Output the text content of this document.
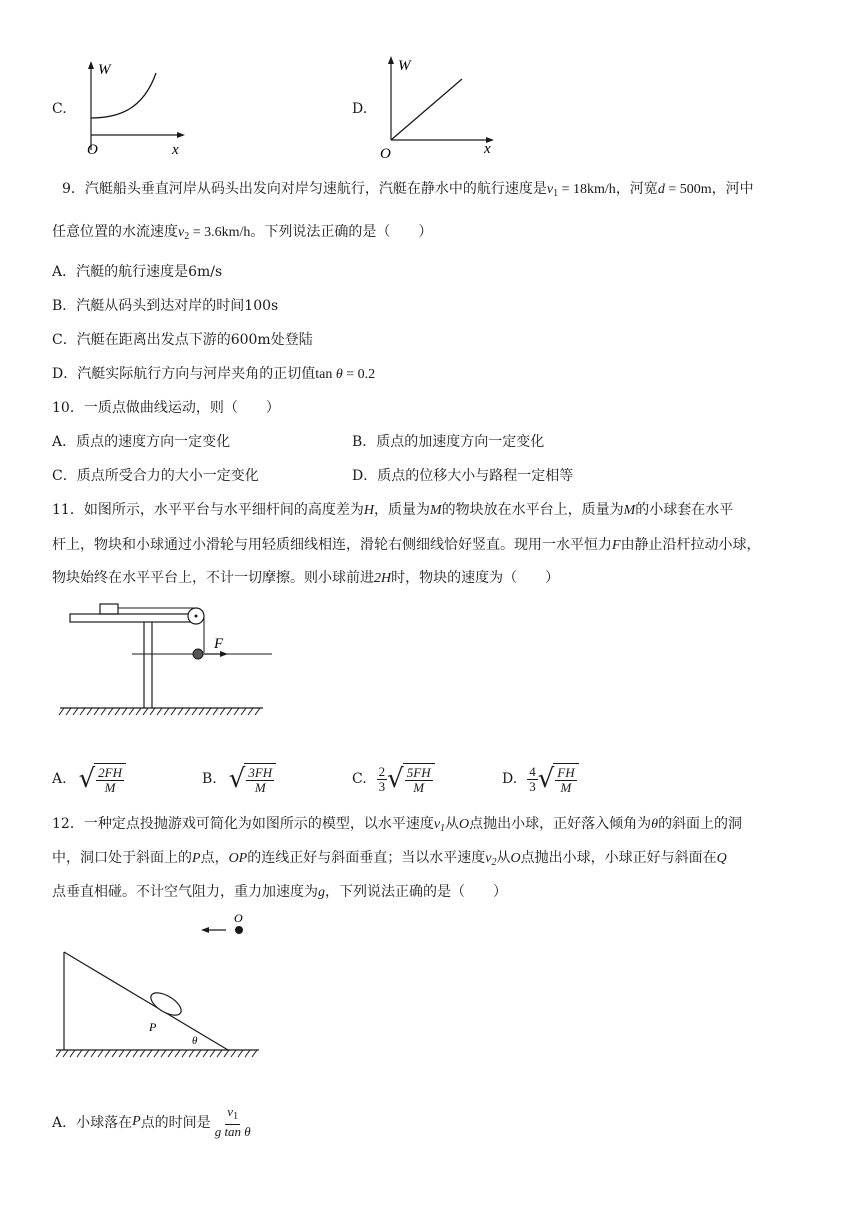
C.
W
O	x
D.
W
O	x
9．汽艇船头垂直河岸从码头出发向对岸匀速航行，汽艇在静水中的航行速度是$v_1 = 18km/h$，河宽d = 500m，河中
任意位置的水流速度$v_2 = 3.6km/h$。下列说法正确的是（　　）
A．汽艇的航行速度是6m/s
B．汽艇从码头到达对岸的时间100s
C．汽艇在距离出发点下游的600m处登陆
D．汽艇实际航行方向与河岸夹角的正切值tan θ = 0.2
10．一质点做曲线运动，则（　　）
A．质点的速度方向一定变化	B．质点的加速度方向一定变化
C．质点所受合力的大小一定变化	D．质点的位移大小与路程一定相等
11．如图所示，水平平台与水平细杆间的高度差为H，质量为M的物块放在水平台上，质量为M的小球套在水平
杆上，物块和小球通过小滑轮与用轻质细线相连，滑轮右侧细线恰好竖直。现用一水平恒力F由静止沿杆拉动小球，
物块始终在水平平台上，不计一切摩擦。则小球前进2H时，物块的速度为（　　）
F
A. √ $\frac{2FH}{M}$	B. √ $\frac{3FH}{M}$	C. $\frac{2}{3}$ √ $\frac{5FH}{M}$	D. $\frac{4}{3}$ √ $\frac{FH}{M}$
12．一种定点投抛游戏可简化为如图所示的模型，以水平速度$v_1$从O点抛出小球，正好落入倾角为θ的斜面上的洞
中，洞口处于斜面上的P点，OP的连线正好与斜面垂直；当以水平速度$v_2$从O点抛出小球，小球正好与斜面在Q
点垂直相碰。不计空气阻力，重力加速度为g，下列说法正确的是（　　）
O
P
θ
A．小球落在 P 点的时间是 $\frac{v_1}{\text{g tan θ}}$
